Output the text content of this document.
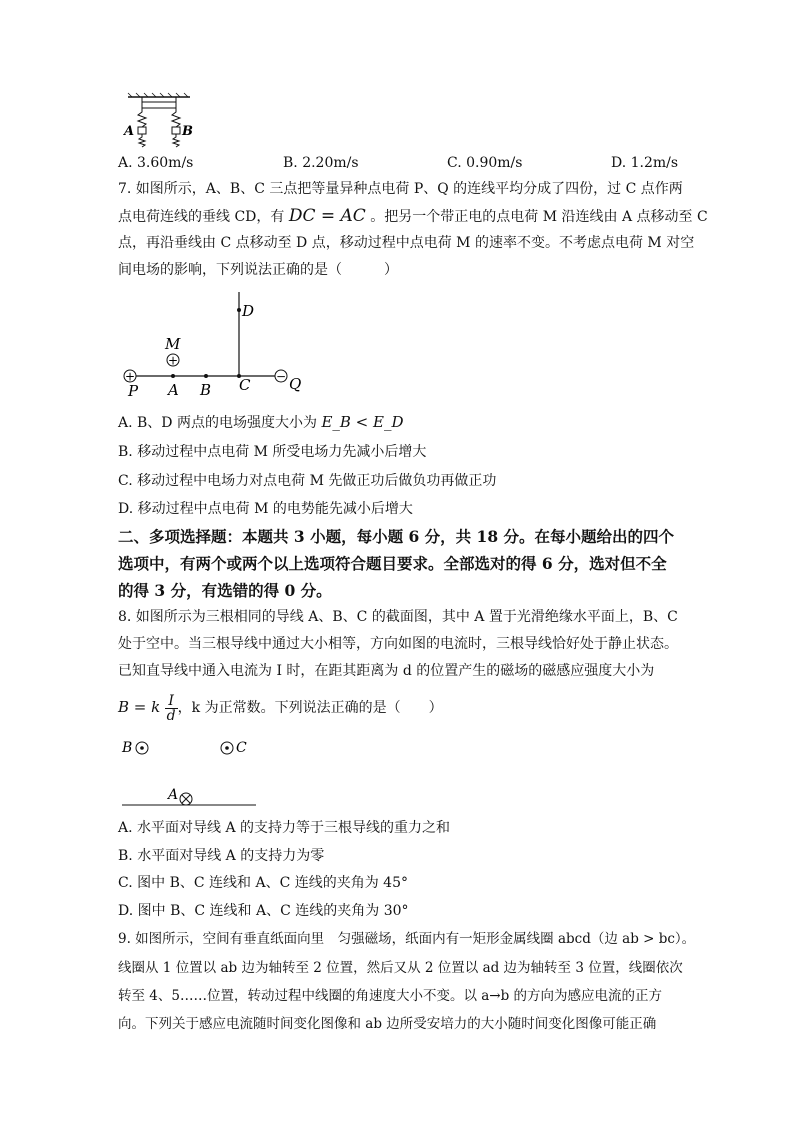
A	B
A. 3.60m/s	B. 2.20m/s	C. 0.90m/s	D. 1.2m/s
7. 如图所示，A、B、C 三点把等量异种点电荷 P、Q 的连线平均分成了四份，过 C 点作两
点电荷连线的垂线 CD，有 DC = AC 。把另一个带正电的点电荷 M 沿连线由 A 点移动至 C
点，再沿垂线由 C 点移动至 D 点，移动过程中点电荷 M 的速率不变。不考虑点电荷 M 对空
间电场的影响，下列说法正确的是（　　　）
+	−
+
D
M
P A B C	Q
A. B、D 两点的电场强度大小为 E_B < E_D
B. 移动过程中点电荷 M 所受电场力先减小后增大
C. 移动过程中电场力对点电荷 M 先做正功后做负功再做正功
D. 移动过程中点电荷 M 的电势能先减小后增大
二、多项选择题：本题共 3 小题，每小题 6 分，共 18 分。在每小题给出的四个
选项中，有两个或两个以上选项符合题目要求。全部选对的得 6 分，选对但不全
的得 3 分，有选错的得 0 分。
8. 如图所示为三根相同的导线 A、B、C 的截面图，其中 A 置于光滑绝缘水平面上，B、C
处于空中。当三根导线中通过大小相等，方向如图的电流时，三根导线恰好处于静止状态。
已知直导线中通入电流为 I 时，在距其距离为 d 的位置产生的磁场的磁感应强度大小为
B = k $\frac{I}{d}$ ，k 为正常数。下列说法正确的是（　　）
B	C
A
A. 水平面对导线 A 的支持力等于三根导线的重力之和
B. 水平面对导线 A 的支持力为零
C. 图中 B、C 连线和 A、C 连线的夹角为 45°
D. 图中 B、C 连线和 A、C 连线的夹角为 30°
9. 如图所示，空间有垂直纸面向里　匀强磁场，纸面内有一矩形金属线圈 abcd（边 ab > bc）。
线圈从 1 位置以 ab 边为轴转至 2 位置，然后又从 2 位置以 ad 边为轴转至 3 位置，线圈依次
转至 4、5……位置，转动过程中线圈的角速度大小不变。以 a→b 的方向为感应电流的正方
向。下列关于感应电流随时间变化图像和 ab 边所受安培力的大小随时间变化图像可能正确
